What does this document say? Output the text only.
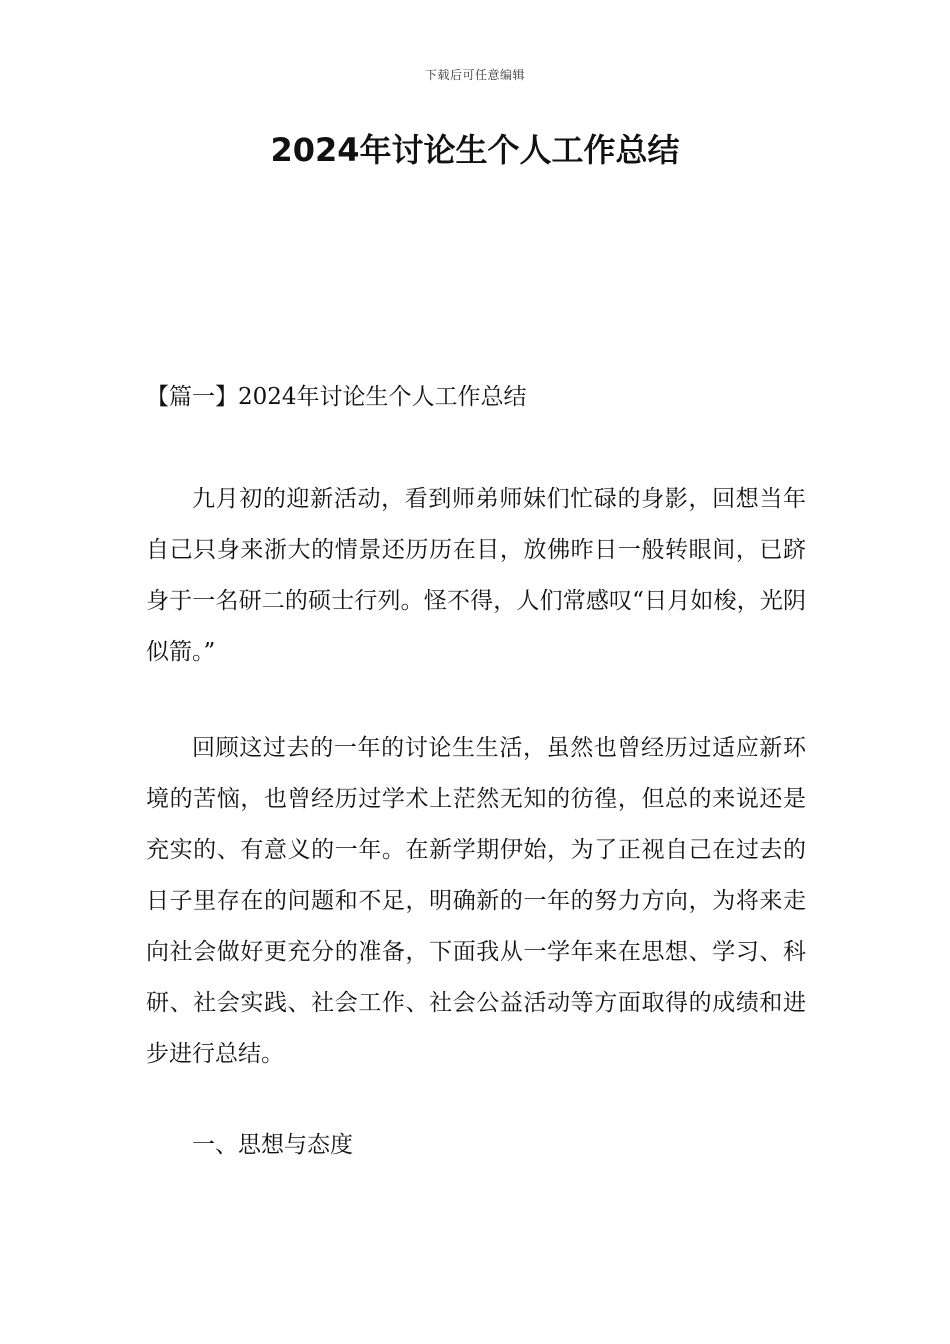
下载后可任意编辑
2024年讨论生个人工作总结

【篇一】2024年讨论生个人工作总结

九月初的迎新活动，看到师弟师妹们忙碌的身影，回想当年自己只身来浙大的情景还历历在目，放佛昨日一般转眼间，已跻身于一名研二的硕士行列。怪不得，人们常感叹“日月如梭，光阴似箭。”

回顾这过去的一年的讨论生生活，虽然也曾经历过适应新环境的苦恼，也曾经历过学术上茫然无知的彷徨，但总的来说还是充实的、有意义的一年。在新学期伊始，为了正视自己在过去的日子里存在的问题和不足，明确新的一年的努力方向，为将来走向社会做好更充分的准备，下面我从一学年来在思想、学习、科研、社会实践、社会工作、社会公益活动等方面取得的成绩和进步进行总结。

一、思想与态度
